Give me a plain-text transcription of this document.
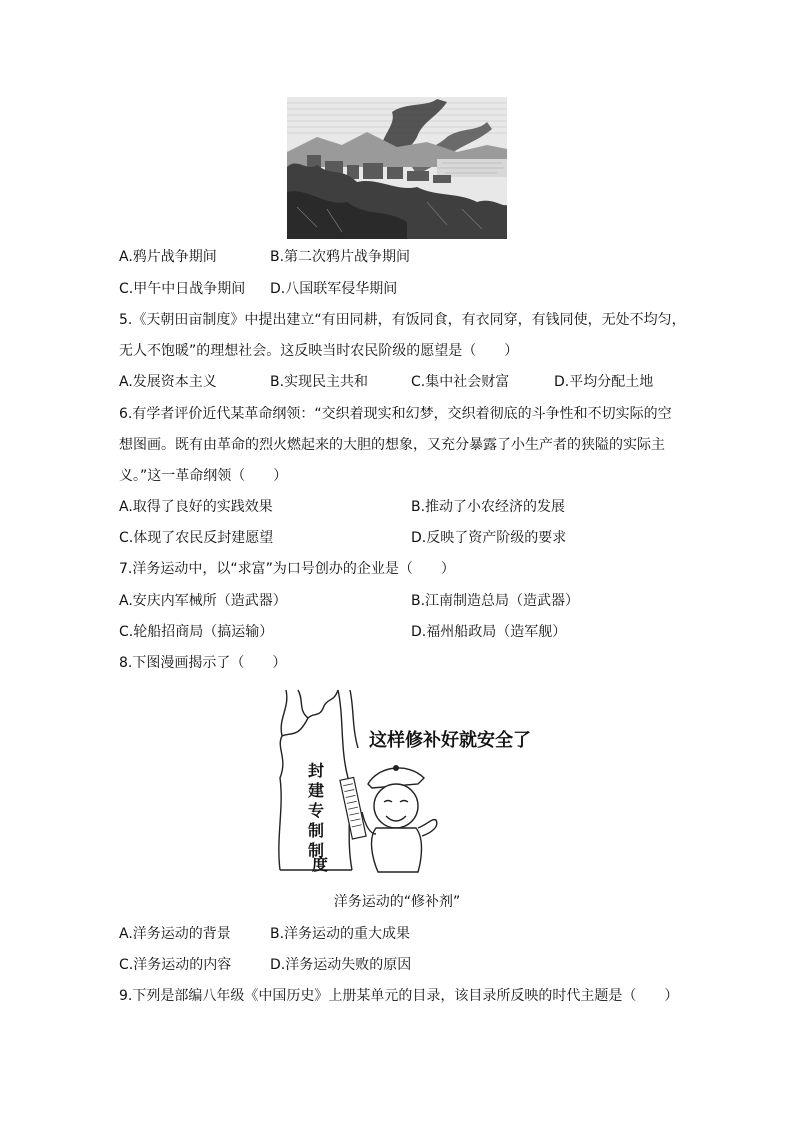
A.鸦片战争期间	B.第二次鸦片战争期间
C.甲午中日战争期间 D.八国联军侵华期间
5.《天朝田亩制度》中提出建立“有田同耕，有饭同食，有衣同穿，有钱同使，无处不均匀，
无人不饱暖”的理想社会。这反映当时农民阶级的愿望是（　　）
A.发展资本主义	B.实现民主共和	C.集中社会财富	D.平均分配土地
6.有学者评价近代某革命纲领：“交织着现实和幻梦，交织着彻底的斗争性和不切实际的空
想图画。既有由革命的烈火燃起来的大胆的想象，又充分暴露了小生产者的狭隘的实际主
义。”这一革命纲领（　　）
A.取得了良好的实践效果	B.推动了小农经济的发展
C.体现了农民反封建愿望	D.反映了资产阶级的要求
7.洋务运动中，以“求富”为口号创办的企业是（　　）
A.安庆内军械所（造武器）	B.江南制造总局（造武器）
C.轮船招商局（搞运输）	D.福州船政局（造军舰）
8.下图漫画揭示了（　　）
封
建
专
制
制
度
这样修补好就安全了
洋务运动的“修补剂”
A.洋务运动的背景	B.洋务运动的重大成果
C.洋务运动的内容	D.洋务运动失败的原因
9.下列是部编八年级《中国历史》上册某单元的目录，该目录所反映的时代主题是（　　）
